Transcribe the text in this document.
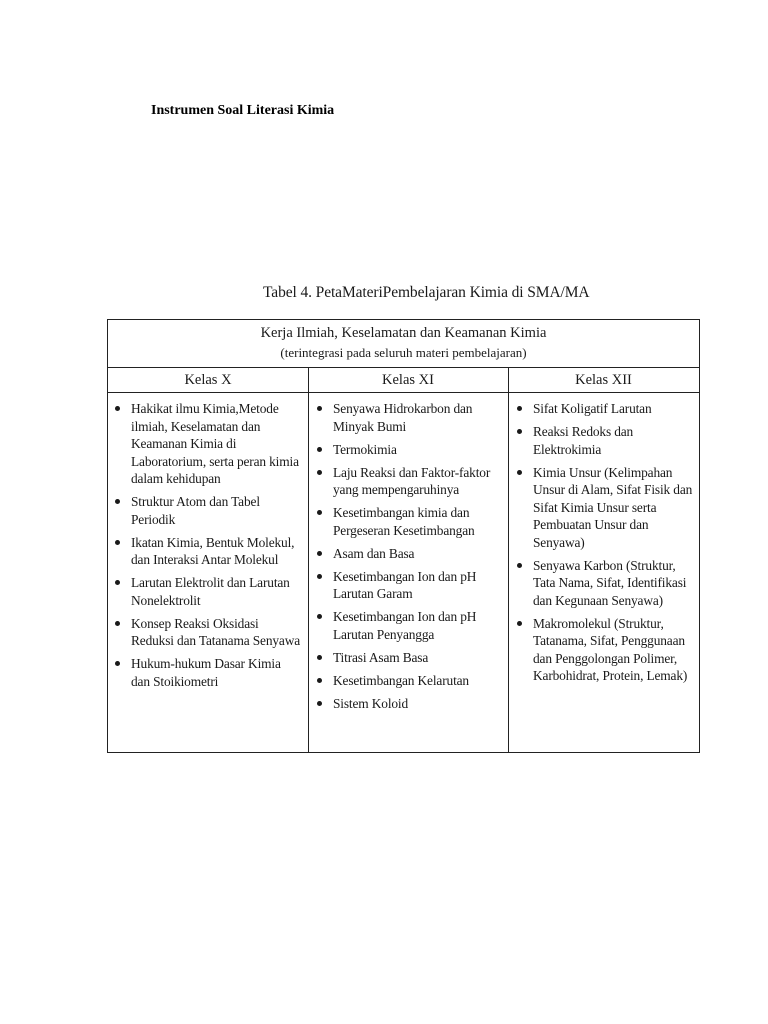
Instrumen Soal Literasi Kimia
Tabel 4. PetaMateriPembelajaran Kimia di SMA/MA
Kerja Ilmiah, Keselamatan dan Keamanan Kimia
(terintegrasi pada seluruh materi pembelajaran)
Kelas X	Kelas XI	Kelas XII
Hakikat ilmu Kimia,Metode ilmiah, Keselamatan dan Keamanan Kimia di Laboratorium, serta peran kimia dalam kehidupan
Struktur Atom dan Tabel Periodik
Ikatan Kimia, Bentuk Molekul, dan Interaksi Antar Molekul
Larutan Elektrolit dan Larutan Nonelektrolit
Konsep Reaksi Oksidasi Reduksi dan Tatanama Senyawa
Hukum-hukum Dasar Kimia dan Stoikiometri
Senyawa Hidrokarbon dan Minyak Bumi
Termokimia
Laju Reaksi dan Faktor-faktor yang mempengaruhinya
Kesetimbangan kimia dan Pergeseran Kesetimbangan
Asam dan Basa
Kesetimbangan Ion dan pH Larutan Garam
Kesetimbangan Ion dan pH Larutan Penyangga
Titrasi Asam Basa
Kesetimbangan Kelarutan
Sistem Koloid
Sifat Koligatif Larutan
Reaksi Redoks dan Elektrokimia
Kimia Unsur (Kelimpahan Unsur di Alam, Sifat Fisik dan Sifat Kimia Unsur serta Pembuatan Unsur dan Senyawa)
Senyawa Karbon (Struktur, Tata Nama, Sifat, Identifikasi dan Kegunaan Senyawa)
Makromolekul (Struktur, Tatanama, Sifat, Penggunaan dan Penggolongan Polimer, Karbohidrat, Protein, Lemak)
